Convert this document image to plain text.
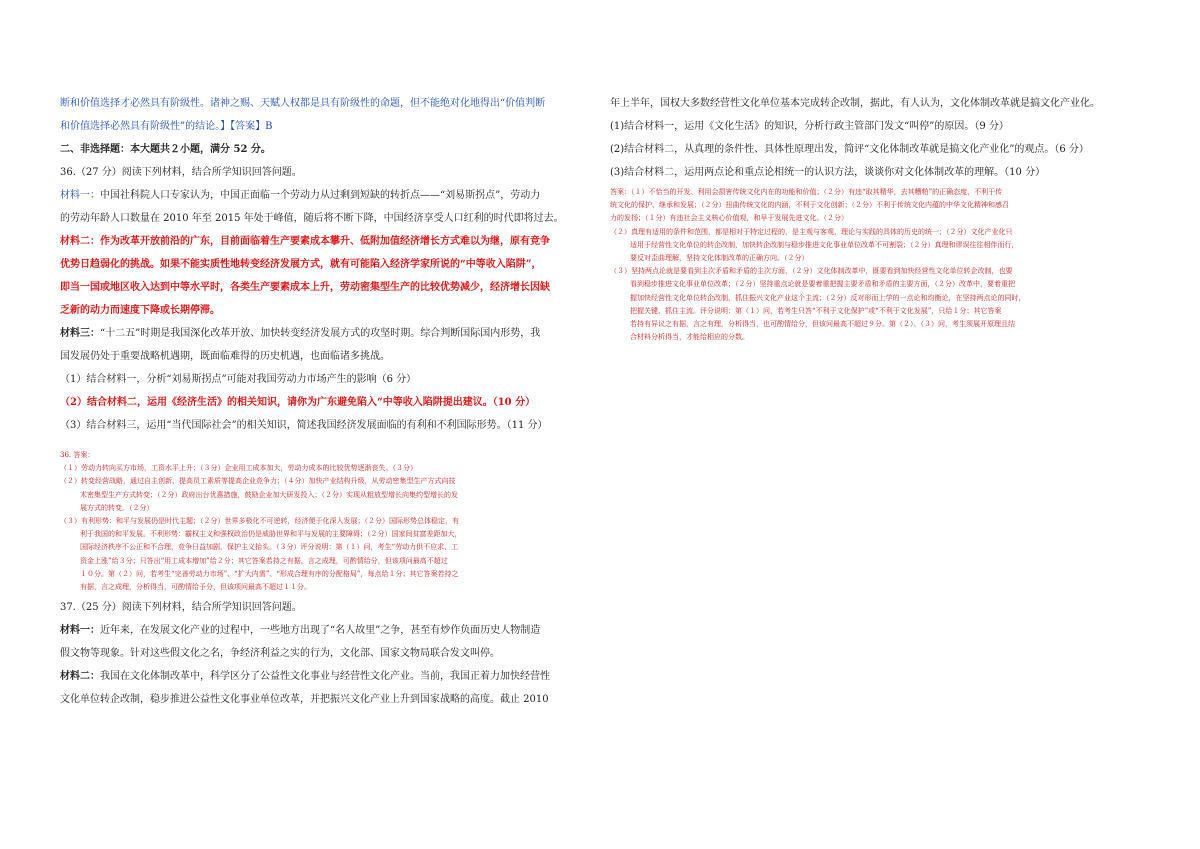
断和价值选择才必然具有阶级性。诸神之赐、天赋人权都是具有阶级性的命题，但不能绝对化地得出“价值判断

和价值选择必然具有阶级性”的结论。】【答案】B

二、非选择题：本大题共２小题，满分 52 分。

36.（27 分）阅读下列材料，结合所学知识回答问题。

材料一：中国社科院人口专家认为，中国正面临一个劳动力从过剩到短缺的转折点——“刘易斯拐点”，劳动力

的劳动年龄人口数量在 2010 年至 2015 年处于峰值，随后将不断下降，中国经济享受人口红利的时代即将过去。

材料二：作为改革开放前沿的广东，目前面临着生产要素成本攀升、低附加值经济增长方式难以为继，原有竞争

优势日趋弱化的挑战。如果不能实质性地转变经济发展方式，就有可能陷入经济学家所说的“中等收入陷阱”，

即当一国或地区收入达到中等水平时，各类生产要素成本上升，劳动密集型生产的比较优势减少，经济增长因缺

乏新的动力而速度下降或长期停滞。

材料三：“十二五”时期是我国深化改革开放、加快转变经济发展方式的攻坚时期。综合判断国际国内形势，我

国发展仍处于重要战略机遇期，既面临难得的历史机遇，也面临诸多挑战。

（1）结合材料一，分析“刘易斯拐点”可能对我国劳动力市场产生的影响（6 分）

（2）结合材料二，运用《经济生活》的相关知识，请你为广东避免陷入“中等收入陷阱提出建议。（10 分）

（3）结合材料三，运用“当代国际社会”的相关知识，简述我国经济发展面临的有利和不利国际形势。（11 分）

36. 答案：

（１）劳动力转向买方市场，工资水平上升；（３分）企业用工成本加大，劳动力成本的比较优势逐渐丧失。（３分）

（２）转变经营战略，通过自主创新、提高员工素质等提高企业竞争力；（４分）加快产业结构升级，从劳动密集型生产方式向技

术密集型生产方式转变；（２分）政府出台优惠措施，鼓励企业加大研发投入；（２分）实现从粗放型增长向集约型增长的发

展方式的转变。（２分）

（３）有利形势：和平与发展仍是时代主题；（２分）世界多极化不可逆转，经济便于化深入发展；（２分）国际形势总体稳定，有

利于我国的和平发展。不利形势：霸权主义和强权政治仍是威胁世界和平与发展的主要障碍；（２分）国家间贫富差距加大，

国际经济秩序不公正和不合理，竞争日益加剧，保护主义抬头。（３分）评分说明：第（１）问，考生“劳动力供不应求、工

资金上涨”给３分；只答出“用工成本增加”给２分；其它答案若持之有据，言之成理，可酌情给分，但该项问最高不超过

１０分。第（２）问，若考生“完善劳动力市场”、“扩大内需”、“形成合理有序的分配格局”，每点给１分；其它答案若持之

有据，言之成理，分析得当，可酌情给予分，但该项问最高不超过１１分。

37.（25 分）阅读下列材料，结合所学知识回答问题。

材料一：近年来，在发展文化产业的过程中，一些地方出现了“名人故里”之争，甚至有炒作负面历史人物制造

假文物等现象。针对这些假文化之名，争经济利益之实的行为，文化部、国家文物局联合发文叫停。

材料二：我国在文化体制改革中，科学区分了公益性文化事业与经营性文化产业。当前，我国正着力加快经营性

文化单位转企改制，稳步推进公益性文化事业单位改革，并把振兴文化产业上升到国家战略的高度。截止 2010

年上半年，国权大多数经营性文化单位基本完成转企改制，据此，有人认为，文化体制改革就是搞文化产业化。

(1)结合材料一，运用《文化生活》的知识，分析行政主管部门发文“叫停”的原因。（9 分）

(2)结合材料二，从真理的条件性、具体性原理出发，简评“文化体制改革就是搞文化产业化”的观点。（6 分）

(3)结合材料二，运用两点论和重点论相统一的认识方法，谈谈你对文化体制改革的理解。（10 分）

答案：（１）不恰当的开发、利用会损害传统文化内在的功能和价值；（２分）有违“取其精华，去其糟粕”的正确态度，不利于传

统文化的保护、继承和发展；（２分）扭曲传统文化的内涵，不利于文化创新；（２分）不利于传统文化内蕴的中华文化精神和感召

力的发扬；（１分）有违社会主义核心价值观，和早于发展先进文化。（２分）

（２）真理有适用的条件和范围，都是相对于特定过程的，是主观与客观、理论与实践的具体的历史的统一；（２分）文化产业化只

适用于经营性文化单位的转企改制，加快转企改制与稳步推进文化事业单位改革不可割裂；（２分）真理和谬误往往相伴而行，

要反对歪曲理解，坚持文化体制改革的正确方向。（２分）

（３）坚持两点论就是要看到主次矛盾和矛盾的主次方面，（２分）文化体制改革中，既要看到加快经营性文化单位转企改制，也要

看到稳步推进文化事业单位改革；（２分）坚持重点论就是要着重把握主要矛盾和矛盾的主要方面，（２分）改革中，要着重把

握加快经营性文化单位转企改制，抓住振兴文化产业这个主流；（２分）反对形而上学的一点论和均衡论，在坚持两点论的同时，

把握关键、抓住主流。评分说明：第（１）问，若考生只答“不利于文化保护”或“不利于文化发展”，只给１分；其它答案

若持有异议之有据，言之有理，分析得当，也可酌情给分，但该问最高不超过９分。第（２）、（３）问，考生须展开原理且结

合材料分析得当，才能给相应的分数。
